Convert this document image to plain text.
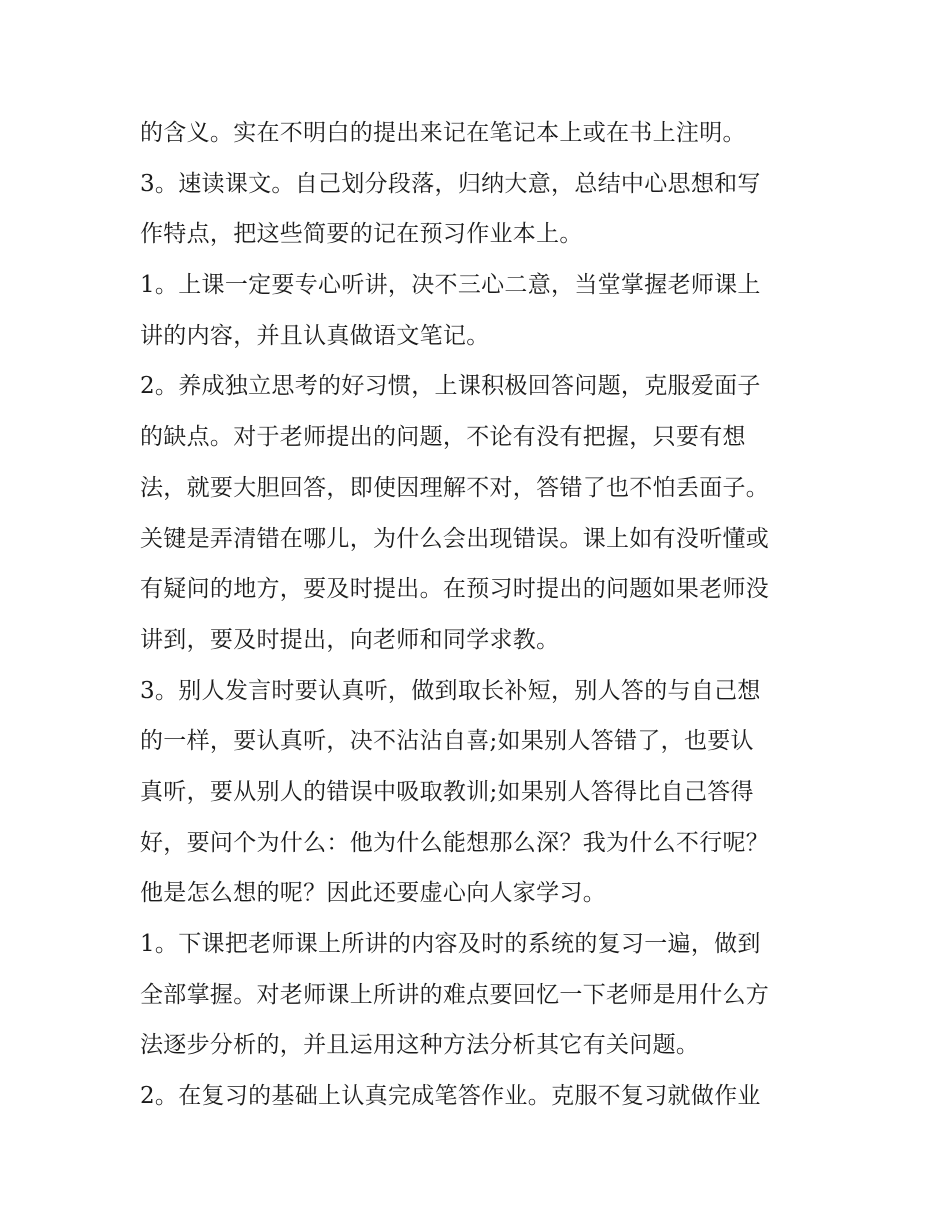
的含义。实在不明白的提出来记在笔记本上或在书上注明。
3。速读课文。自己划分段落，归纳大意，总结中心思想和写
作特点，把这些简要的记在预习作业本上。
1。上课一定要专心听讲，决不三心二意，当堂掌握老师课上
讲的内容，并且认真做语文笔记。
2。养成独立思考的好习惯，上课积极回答问题，克服爱面子
的缺点。对于老师提出的问题，不论有没有把握，只要有想
法，就要大胆回答，即使因理解不对，答错了也不怕丢面子。
关键是弄清错在哪儿，为什么会出现错误。课上如有没听懂或
有疑问的地方，要及时提出。在预习时提出的问题如果老师没
讲到，要及时提出，向老师和同学求教。
3。别人发言时要认真听，做到取长补短，别人答的与自己想
的一样，要认真听，决不沾沾自喜;如果别人答错了，也要认
真听，要从别人的错误中吸取教训;如果别人答得比自己答得
好，要问个为什么：他为什么能想那么深？我为什么不行呢？
他是怎么想的呢？因此还要虚心向人家学习。
1。下课把老师课上所讲的内容及时的系统的复习一遍，做到
全部掌握。对老师课上所讲的难点要回忆一下老师是用什么方
法逐步分析的，并且运用这种方法分析其它有关问题。
2。在复习的基础上认真完成笔答作业。克服不复习就做作业
